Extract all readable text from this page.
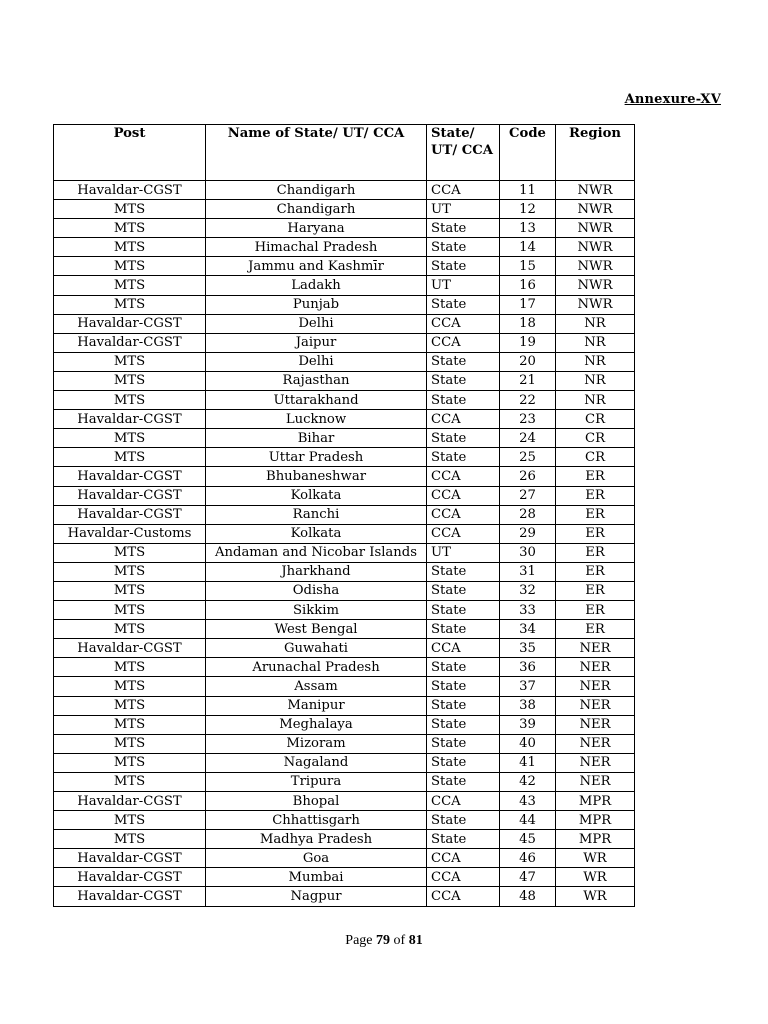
Annexure-XV
Post	Name of State/ UT/ CCA	State/ UT/ CCA	Code	Region
Havaldar-CGST	Chandigarh	CCA	11	NWR
MTS	Chandigarh	UT	12	NWR
MTS	Haryana	State	13	NWR
MTS	Himachal Pradesh	State	14	NWR
MTS	Jammu and Kashmīr	State	15	NWR
MTS	Ladakh	UT	16	NWR
MTS	Punjab	State	17	NWR
Havaldar-CGST	Delhi	CCA	18	NR
Havaldar-CGST	Jaipur	CCA	19	NR
MTS	Delhi	State	20	NR
MTS	Rajasthan	State	21	NR
MTS	Uttarakhand	State	22	NR
Havaldar-CGST	Lucknow	CCA	23	CR
MTS	Bihar	State	24	CR
MTS	Uttar Pradesh	State	25	CR
Havaldar-CGST	Bhubaneshwar	CCA	26	ER
Havaldar-CGST	Kolkata	CCA	27	ER
Havaldar-CGST	Ranchi	CCA	28	ER
Havaldar-Customs	Kolkata	CCA	29	ER
MTS	Andaman and Nicobar Islands	UT	30	ER
MTS	Jharkhand	State	31	ER
MTS	Odisha	State	32	ER
MTS	Sikkim	State	33	ER
MTS	West Bengal	State	34	ER
Havaldar-CGST	Guwahati	CCA	35	NER
MTS	Arunachal Pradesh	State	36	NER
MTS	Assam	State	37	NER
MTS	Manipur	State	38	NER
MTS	Meghalaya	State	39	NER
MTS	Mizoram	State	40	NER
MTS	Nagaland	State	41	NER
MTS	Tripura	State	42	NER
Havaldar-CGST	Bhopal	CCA	43	MPR
MTS	Chhattisgarh	State	44	MPR
MTS	Madhya Pradesh	State	45	MPR
Havaldar-CGST	Goa	CCA	46	WR
Havaldar-CGST	Mumbai	CCA	47	WR
Havaldar-CGST	Nagpur	CCA	48	WR
Page 79 of 81
